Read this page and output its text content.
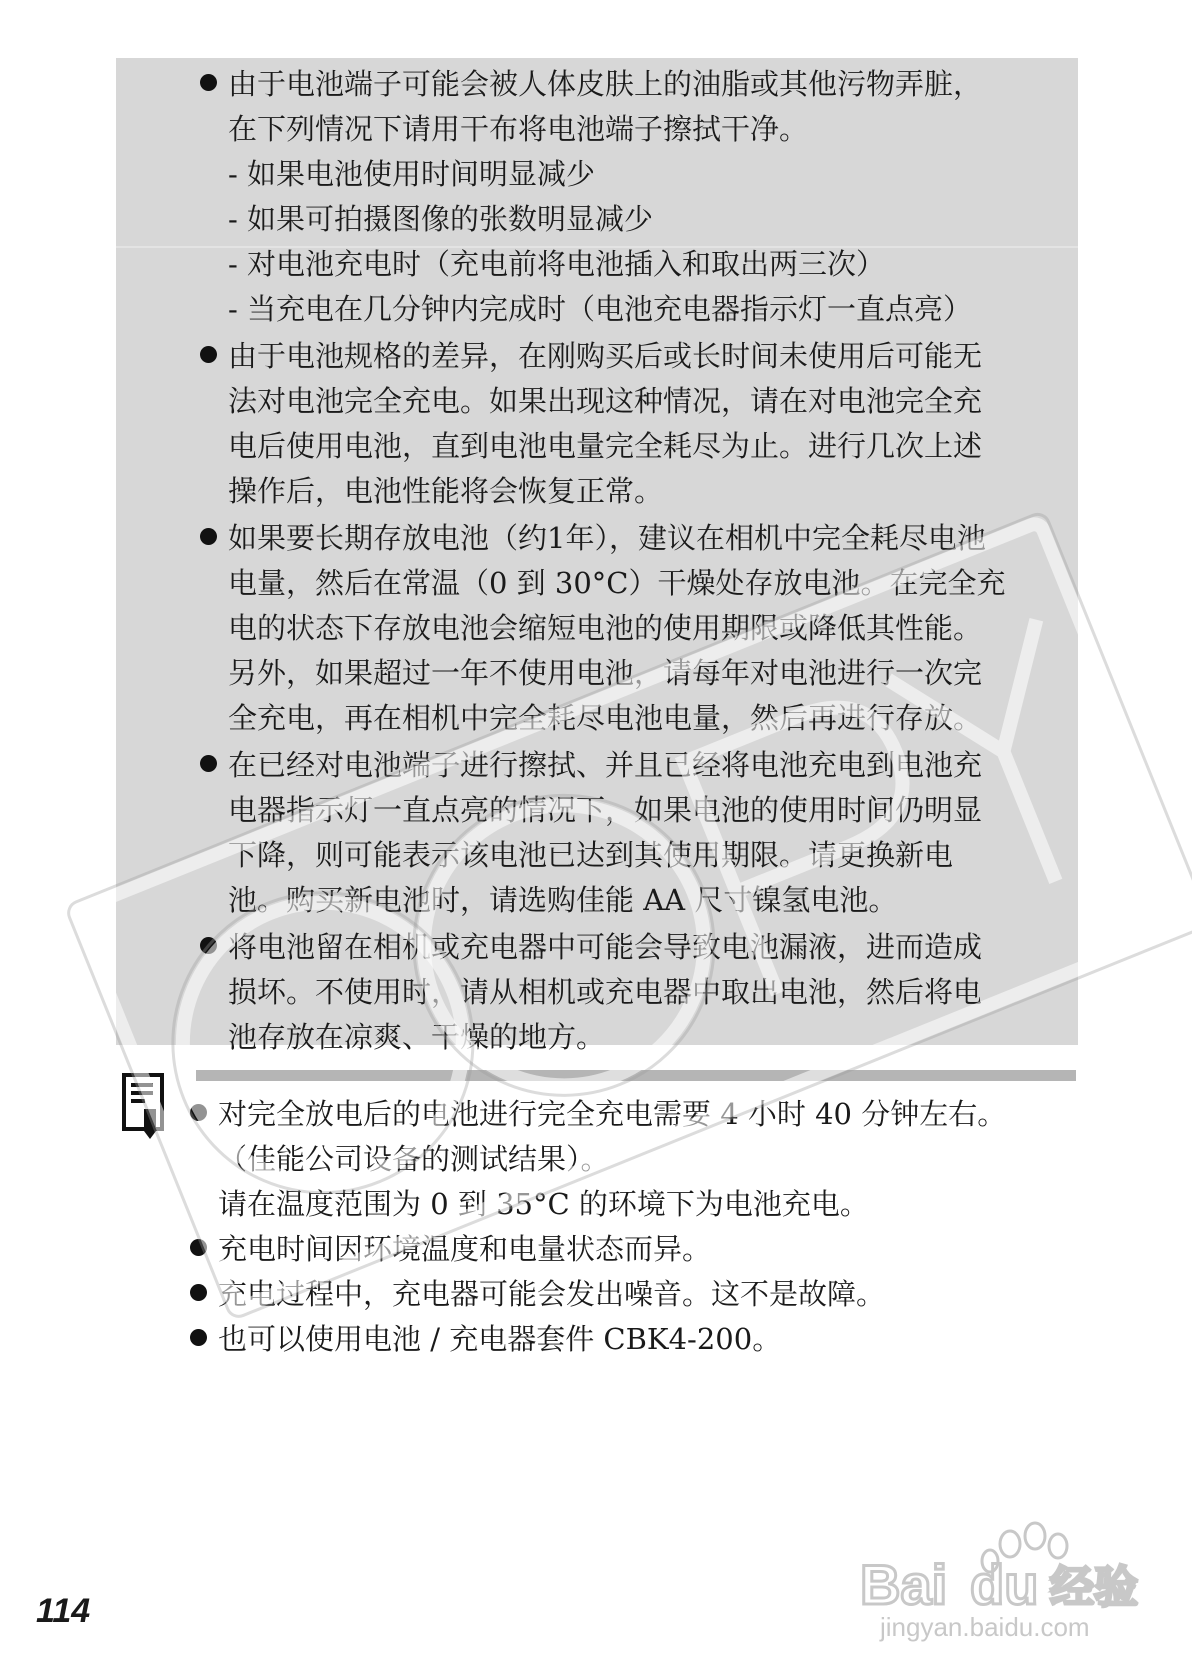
由于电池端子可能会被人体皮肤上的油脂或其他污物弄脏，
在下列情况下请用干布将电池端子擦拭干净。
- 如果电池使用时间明显减少
- 如果可拍摄图像的张数明显减少
- 对电池充电时（充电前将电池插入和取出两三次）
- 当充电在几分钟内完成时（电池充电器指示灯一直点亮）
由于电池规格的差异，在刚购买后或长时间未使用后可能无
法对电池完全充电。如果出现这种情况，请在对电池完全充
电后使用电池，直到电池电量完全耗尽为止。进行几次上述
操作后，电池性能将会恢复正常。
如果要长期存放电池（约1年），建议在相机中完全耗尽电池
电量，然后在常温（0 到 30°C）干燥处存放电池。在完全充
电的状态下存放电池会缩短电池的使用期限或降低其性能。
另外，如果超过一年不使用电池，请每年对电池进行一次完
全充电，再在相机中完全耗尽电池电量，然后再进行存放。
在已经对电池端子进行擦拭、并且已经将电池充电到电池充
电器指示灯一直点亮的情况下，如果电池的使用时间仍明显
下降，则可能表示该电池已达到其使用期限。请更换新电
池。购买新电池时，请选购佳能 AA 尺寸镍氢电池。
将电池留在相机或充电器中可能会导致电池漏液，进而造成
损坏。不使用时，请从相机或充电器中取出电池，然后将电
池存放在凉爽、干燥的地方。
对完全放电后的电池进行完全充电需要 4 小时 40 分钟左右。
（佳能公司设备的测试结果）。
请在温度范围为 0 到 35°C 的环境下为电池充电。
充电时间因环境温度和电量状态而异。
充电过程中，充电器可能会发出噪音。这不是故障。
也可以使用电池 / 充电器套件 CBK4-200。
114	Bai du 经验
jingyan.baidu.com
